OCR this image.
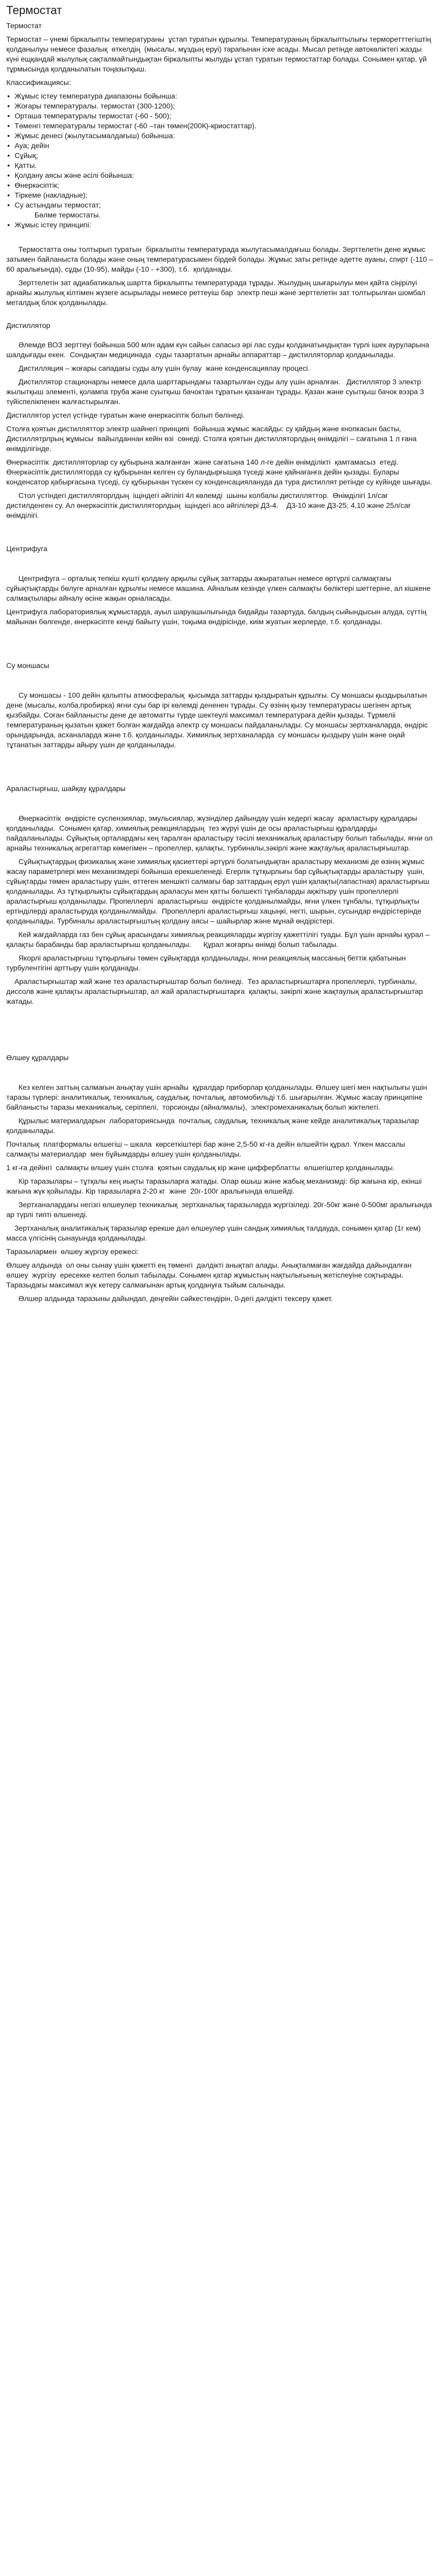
Термостат
Термостат
Термостат – үнемі біркалыпты температураны  ұстап туратын құрылғы. Температураның біркалыптылығы терморетттегіштің қолданылуы немесе фазалық  өткелдің  (мысалы, мұздың еруі) тарапынан іске асады. Мысал ретінде автокөліктегі жазды күні ещқандай жылулық сақталмайтындықтан біркалыпты жылуды ұстап туратын термостаттар болады. Сонымен қатар, үй тұрмысында қолданылатын тоңазытқыш.
Классификациясы:
• Жұмыс істеу температура диапазоны бойынша:
• Жоғары температуралы. термостат (300-1200);
• Орташа температуралы термостат (-60 - 500);
• Төменгі температуралы термостат (-60 –тан төмен(200К)-криостаттар).
• Жұмыс денесі (жылутасымалдағыш) бойынша:
• Ауа; дейін
• Сұйық;
• Қатты.
• Қолдану аясы және әсілі бойынша:
• Өнеркәсіптік;
• Тіркеме (накладные);
• Су астындағы термостат;
Бөлме термостаты.
• Жұмыс істеу принципі:
Термостатта оны толтырып туратын  біркалыпты температурада жылутасымалдағыш болады. Зерттелетін дене жұмыс затымен байланыста болады және оның температурасымен бірдей болады. Жұмыс заты ретінде әдетте ауаны, спирт (-110 – 60 аралығында), сұды (10-95), майды (-10 - +300), т.б.  қолданады.
Зерттелетін зат адиабатикалық шартта біркалыпты температурада тұрады. Жылудың шығарылуы мен қайта сіңірілуі арнайы жылулық кілтімен жүзеге асырылады немесе реттеуіш бар  электр пеші және зерттелетін зат толтырылған шомбал металдық блок қолданылады.
Дистиллятор
Әлемде ВОЗ зерттеуі бойынша 500 млн адам күн сайын сапасыз әрі лас суды қолданатындықтан түрлі ішек ауруларына шалдығады екен.  Сондықтан медицинада  суды тазартатын арнайы аппараттар – дистилляторлар қолданылады.
Дистилляция – жоғары сападағы суды алу үшін булау  және конденсациялау процесі.
Дистиллятор стационарлы немесе дала шарттарындағы тазартылған суды алу үшін арналған.   Дистиллятор 3 электр жылытқыш элементі, қолампа труба және суытқыш бачоктан тұратын қазанған тұрады. Қазан және суытқыш бачок вэзра 3 түйіспелікпенен жалғастырылған.
Дистиллятор устел үстінде туратын және өнеркәсіптік болып бөлінеді.
Столға қоятын дистилляттор электр шайнегі принципі  бойынша жұмыс жасайды: су қайдың және кнопкасын басты, Дистиллятрлрың жұмысы  вайылданнан кейін өзі  сөнеді. Столға қоятын дистилляторлдың өнімділігі – сағатына 1 л ғана өнімділігінде.
Өнеркәсіптік  дистилляторлар су құбырына жалғанған  және сағатына 140 л-ге дейін өнімділікті  қамтамасыз  етеді. Өнеркәсіптік дистилляторда су құбырынан келген су буландырғышқа түседі және қайнағанға дейін қызады. Булары конденсатор қабырғасына түседі, су құбырынан түскен су конденсациялануда да тура дистиллят ретінде су күйінде шығады.
Стол үстіндегі дистилляторлдың  іщіндегі әйгілігі 4л көлемді  шыны колбалы дистилляттор.  Өнімділігі 1л/сағ дистилденген су. Ал өнеркәсіптік дистилляторлдың  іщіндегі асо әйгілілері Д3-4.    Д3-10 және Д3-25; 4,10 және 25л/сағ өнімділігі.
Центрифуга
Центрифуга – орталық тепкіш күшті қолдану арқылы сұйық заттарды ажырататын немесе өртүрлі салмақтағы сұйықтықтарды бөлуге арналған құрылғы немесе машина. Айналым кезінде үлкен салмақты бөліктері шеттеріне, ал кішкене салмақтылары айналу өсіне жақын орналасады.
Центрифуга лабораториялық жұмыстарда, ауыл шаруашылығында бидайды тазартуда, балдың сыйындысын алуда, сүттің майынан бөлгенде, өнеркәсіпте кенді байыту үшін, тоқыма өндірісінде, киім жуатын жерлерде, т.б. қолданады.
Су моншасы
Су моншасы - 100 дейін қалыпты атмосфералық  қысымда заттарды қыздыратын құрылғы. Су моншасы қыздырылатын дене (мысалы, колба,пробирка) яғни суы бар ірі көлемді дененен тұрады. Су өзінің қызу температурасы шегінен артық қызбайды. Соған байланысты дене де автоматты түрде шектеулі максимал температураға дейін қызады. Тұрмеліі температураның қызатын қажет болған жағдайда әлектр су моншасы пайдаланылады. Су моншасы зертханаларда, өндіріс орындарында, асханаларда және т.б. қолданылады. Химиялық зертханаларда  су моншасы қыздыру үшін және оңай тұтанатын заттарды айыру үшін де қолданылады.
Араластырғыш, шайқау құралдары
Өнеркәсіптік  өндірісте суспензиялар, эмульсиялар, жүзінділер дайындау үшін кедергі жасау  араластыру құралдары қолданылады.  Сонымен қатар, химиялық реакциялардың  тез жүруі үшін де осы араластырғыш құралдарды пайдаланылады. Сұйықтық орталардағы кең таралған араластыру тәсілі механикалық араластыру болып табылады, яғни ол арнайы техникалық агрегаттар көмегімен – пропеллер, қалақты, турбиналы,зәкірлі және жақтаулық араластырғыштар.
Сұйықтықтардың физикалық және химиялық қасиеттері әртүрлі болатындықтан араластыру механизмі де өзінің жұмыс жасау параметрлері мен механизмдері бойынша ерекшеленеді. Егерлік тұтқырлығы бар сұйықтықтарды араластыру  үшін, сұйықтарды төмен араластыру үшін, өттеген меншікті салмағы бар заттардың ерул үшін қалақты(лапастная) араластырғыш қолданылады. Аз тұтқырлықты сұйықтардың араласуы мен қатты бөлшекті тұнбаларды ақжітыру үшін пропеллерлі араластырғыш қолданылады. Пропеллерлі  араластырғыш  өндірісте қолданылмайды, яғни үлкен тұнбалы, тұтқырлықты ертінділерді араластыруда қолданылмайды.  Пропеллерлі араластырғыш хацыңкі, негті, шырын, сусындар өндірістерінде қолданылады. Турбиналы араластырғыштың қолдану аясы – шайырлар және мұнай өндірістері.
Кей жағдайларда газ бен сұйық арасындағы химиялық реакцияларды жүргізу қажеттілігі туады. Бұл үшін арнайы қурал – қалақты барабанды бар араластырғыш қолданылады.      Құрал жоғарғы өнімді болып табылады.
Якорлі араластырғыш тұтқырлығы төмен сұйықтарда қолданылады, яғни реакциялық массаның беттік қабатынын турбулентігіні арттыру үшін қолданады.
Араластырғыштар жай және тез араластырғыштар болып бөлінеді.  Тез араластырғыштарға пропеллерлі, турбиналы, диссолв және қалақты араластырғыштар, ал жай араластырғыштарға  қалақты, зәкірлі және жақтаулық араластырғыштар жатады.
Өлшеу құралдары
Кез келген заттың салмағын анықтау үшін арнайы  құралдар приборлар қолданылады. Өлшеу шегі мен нақтылығы үшін таразы түрлері: аналитикалық, техникалық, саудалық, почталық, автомобильді т.б. шығарылған. Жұмыс жасау принципіне байланысты таразы механикалық, серіппелі,  торсионды (айналмалы),  электромеханикалық болып жіктелеті.
Құрылыс материалдарын  лабораториясында  почталық, саудалық, техникалық және кейде аналитикалық таразылар  қолданылады.
Почталық  платформалы өлшегіш – шкала  көрсеткіштері бар және 2,5-50 кг-ға дейін өлшейтін құрал. Үлкен массалы  салмақты материалдар  мен бұйымдарды өлшеу үшін қолданылады.
1 кг-ға дейінгі  салмақты өлшеу үшін столға  қоятын саудалық кір және цифферблатты  өлшегіштер қолданылады.
Кір таразылары – тұтқалы кең иықты таразыларға жатады. Олар өшыш және жабық механизмді: бір жағына кір, екінші жағына жүк қойылады. Кір таразыларға 2-20 кг  және  20г-100г аралығында өлшейді.
Зертханалардағы негізгі өлшеулер техникалық  зертханалық таразыларда жүргізіледі. 20г-50кг және 0-500мг аралығында ар түрлі типті өлшенеді.
Зертханалық аналитикалық таразылар ерекше дәл өлшеулер үшін сандық химиялық талдауда, сонымен қатар (1г кем) масса үлгісінің сынауында қолданылады.
Таразылармен  өлшеу жүргізу ережесі:
Өлшеу алдында  ол оны сынау үшін қажетті ең төменгі  дәлдікті анықтап алады. Анықталмаған жағдайда дайындалған өлшеу  жүргізу  ересекке келтеп болып табылады. Сонымен қатар жұмыстың нақтылығының жетіспеуіне соқтырады. Таразыдағы максимал жүк кетеру салмағынан артық қолдануға тыйым салынады.
Өлшер алдында таразыны дайындап, деңгейін сәйкестендірін, 0-дегі дәлдікті тексеру қажет.
